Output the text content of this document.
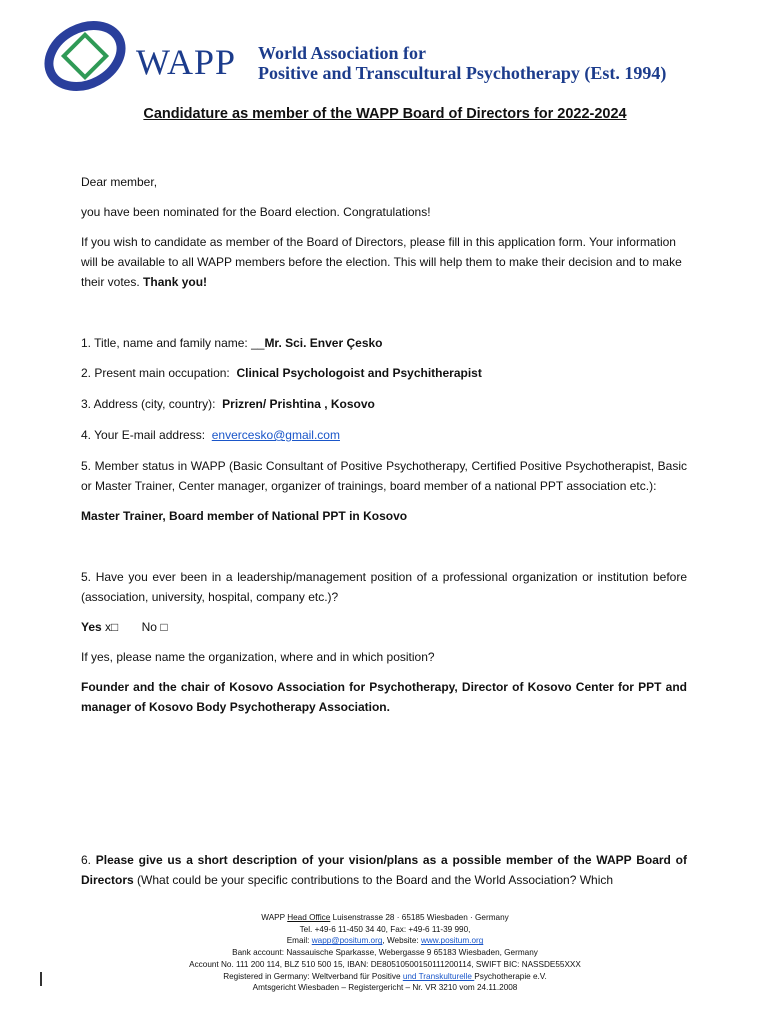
WAPP World Association for
Positive and Transcultural Psychotherapy (Est. 1994)
Candidature as member of the WAPP Board of Directors for 2022-2024

Dear member,

you have been nominated for the Board election. Congratulations!

If you wish to candidate as member of the Board of Directors, please fill in this application form. Your information will be available to all WAPP members before the election. This will help them to make their decision and to make their votes. Thank you!

1. Title, name and family name: __Mr. Sci. Enver Çesko

2. Present main occupation: Clinical Psychologoist and Psychitherapist

3. Address (city, country): Prizren/ Prishtina , Kosovo

4. Your E-mail address: envercesko@gmail.com

5. Member status in WAPP (Basic Consultant of Positive Psychotherapy, Certified Positive Psychotherapist, Basic or Master Trainer, Center manager, organizer of trainings, board member of a national PPT association etc.):

Master Trainer, Board member of National PPT in Kosovo

5. Have you ever been in a leadership/management position of a professional organization or institution before (association, university, hospital, company etc.)?

Yes x□ No □

If yes, please name the organization, where and in which position?

Founder and the chair of Kosovo Association for Psychotherapy, Director of Kosovo Center for PPT and manager of Kosovo Body Psychotherapy Association.

6. Please give us a short description of your vision/plans as a possible member of the WAPP Board of Directors (What could be your specific contributions to the Board and the World Association? Which

WAPP Head Office Luisenstrasse 28 · 65185 Wiesbaden · Germany
Tel. +49-6 11-450 34 40, Fax: +49-6 11-39 990,
Email: wapp@positum.org, Website: www.positum.org
Bank account: Nassauische Sparkasse, Webergasse 9 65183 Wiesbaden, Germany
Account No. 111 200 114, BLZ 510 500 15, IBAN: DE80510500150111200114, SWIFT BIC: NASSDE55XXX
Registered in Germany: Weltverband für Positive und Transkulturelle Psychotherapie e.V.
Amtsgericht Wiesbaden – Registergericht – Nr. VR 3210 vom 24.11.2008
